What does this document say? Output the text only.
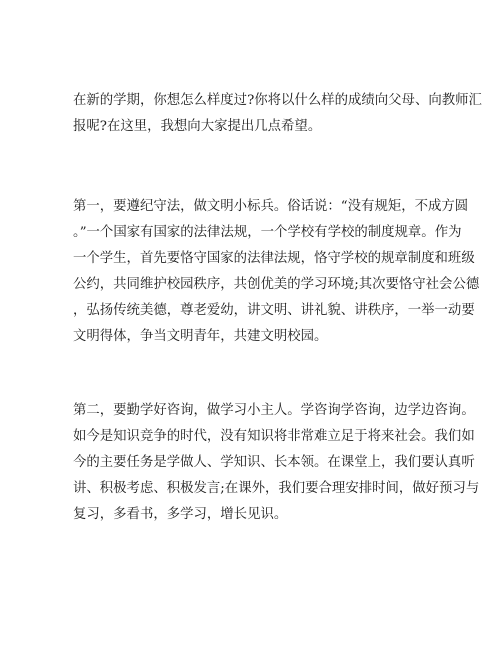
在新的学期，你想怎么样度过?你将以什么样的成绩向父母、向教师汇
报呢?在这里，我想向大家提出几点希望。

第一，要遵纪守法，做文明小标兵。俗话说：“没有规矩，不成方圆
。”一个国家有国家的法律法规，一个学校有学校的制度规章。作为
一个学生，首先要恪守国家的法律法规，恪守学校的规章制度和班级
公约，共同维护校园秩序，共创优美的学习环境;其次要恪守社会公德
，弘扬传统美德，尊老爱幼，讲文明、讲礼貌、讲秩序，一举一动要
文明得体，争当文明青年，共建文明校园。

第二，要勤学好咨询，做学习小主人。学咨询学咨询，边学边咨询。
如今是知识竞争的时代，没有知识将非常难立足于将来社会。我们如
今的主要任务是学做人、学知识、长本领。在课堂上，我们要认真听
讲、积极考虑、积极发言;在课外，我们要合理安排时间，做好预习与
复习，多看书，多学习，增长见识。
